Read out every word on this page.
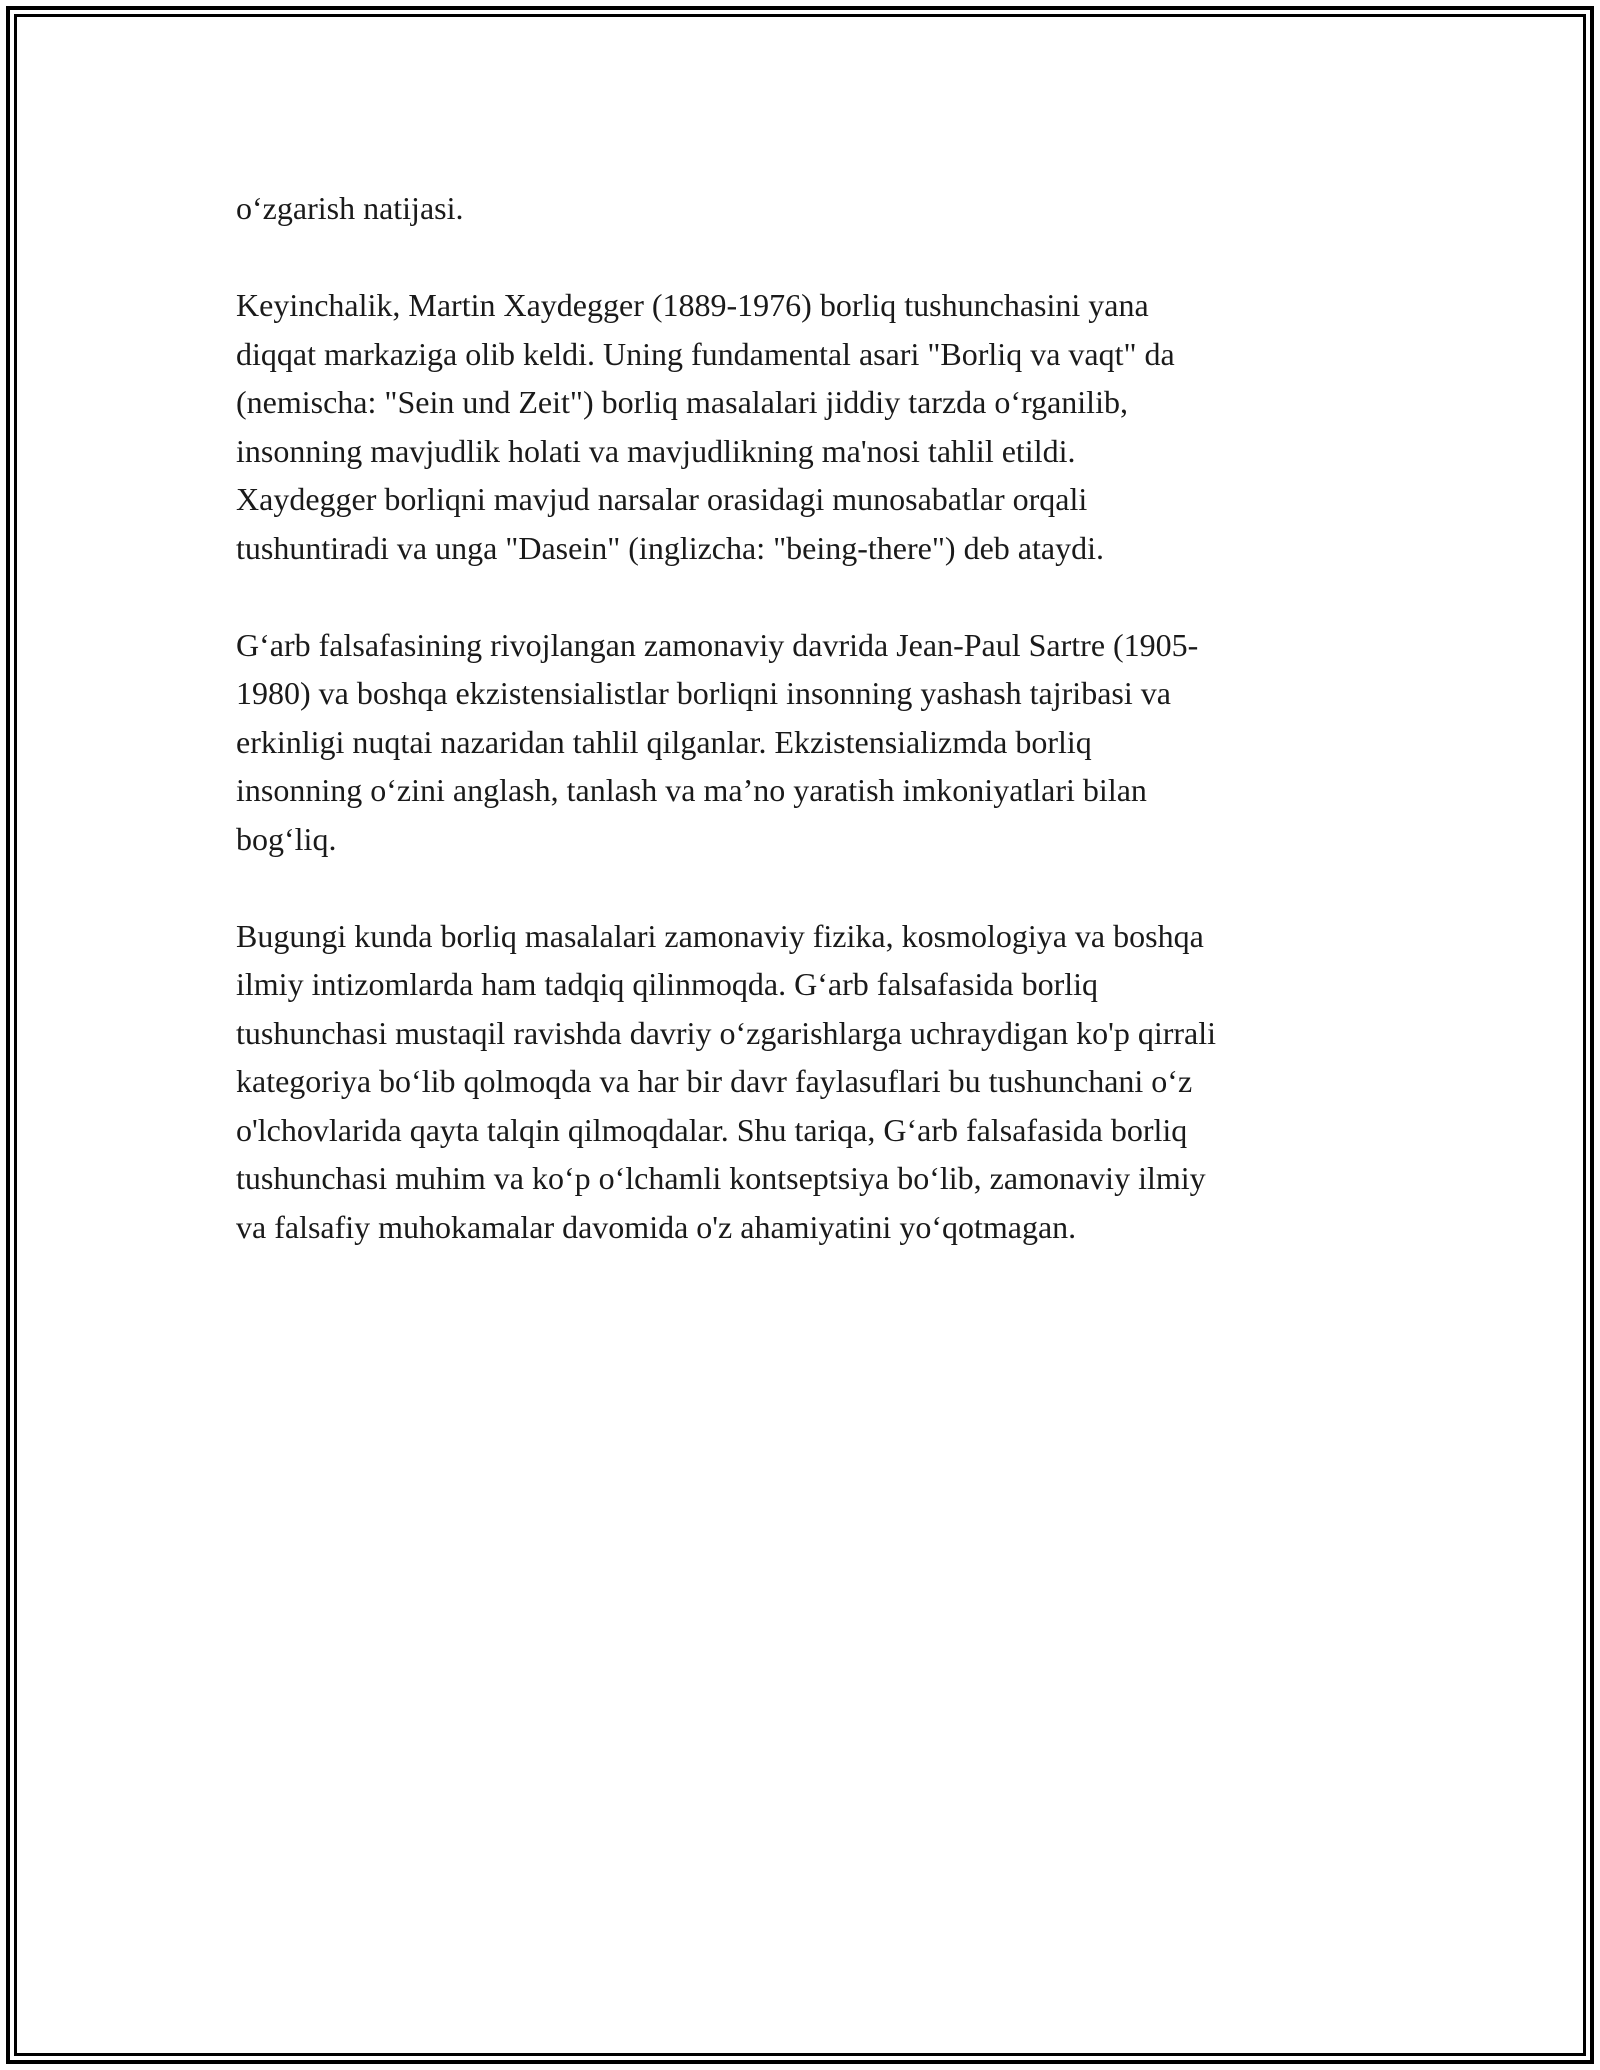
o‘zgarish natijasi.

Keyinchalik, Martin Xaydegger (1889-1976) borliq tushunchasini yana
diqqat markaziga olib keldi. Uning fundamental asari "Borliq va vaqt" da
(nemischa: "Sein und Zeit") borliq masalalari jiddiy tarzda o‘rganilib,
insonning mavjudlik holati va mavjudlikning ma'nosi tahlil etildi.
Xaydegger borliqni mavjud narsalar orasidagi munosabatlar orqali
tushuntiradi va unga "Dasein" (inglizcha: "being-there") deb ataydi.

G‘arb falsafasining rivojlangan zamonaviy davrida Jean-Paul Sartre (1905-
1980) va boshqa ekzistensialistlar borliqni insonning yashash tajribasi va
erkinligi nuqtai nazaridan tahlil qilganlar. Ekzistensializmda borliq
insonning o‘zini anglash, tanlash va ma’no yaratish imkoniyatlari bilan
bog‘liq.

Bugungi kunda borliq masalalari zamonaviy fizika, kosmologiya va boshqa
ilmiy intizomlarda ham tadqiq qilinmoqda. G‘arb falsafasida borliq
tushunchasi mustaqil ravishda davriy o‘zgarishlarga uchraydigan ko'p qirrali
kategoriya bo‘lib qolmoqda va har bir davr faylasuflari bu tushunchani o‘z
o'lchovlarida qayta talqin qilmoqdalar. Shu tariqa, G‘arb falsafasida borliq
tushunchasi muhim va ko‘p o‘lchamli kontseptsiya bo‘lib, zamonaviy ilmiy
va falsafiy muhokamalar davomida o'z ahamiyatini yo‘qotmagan.
